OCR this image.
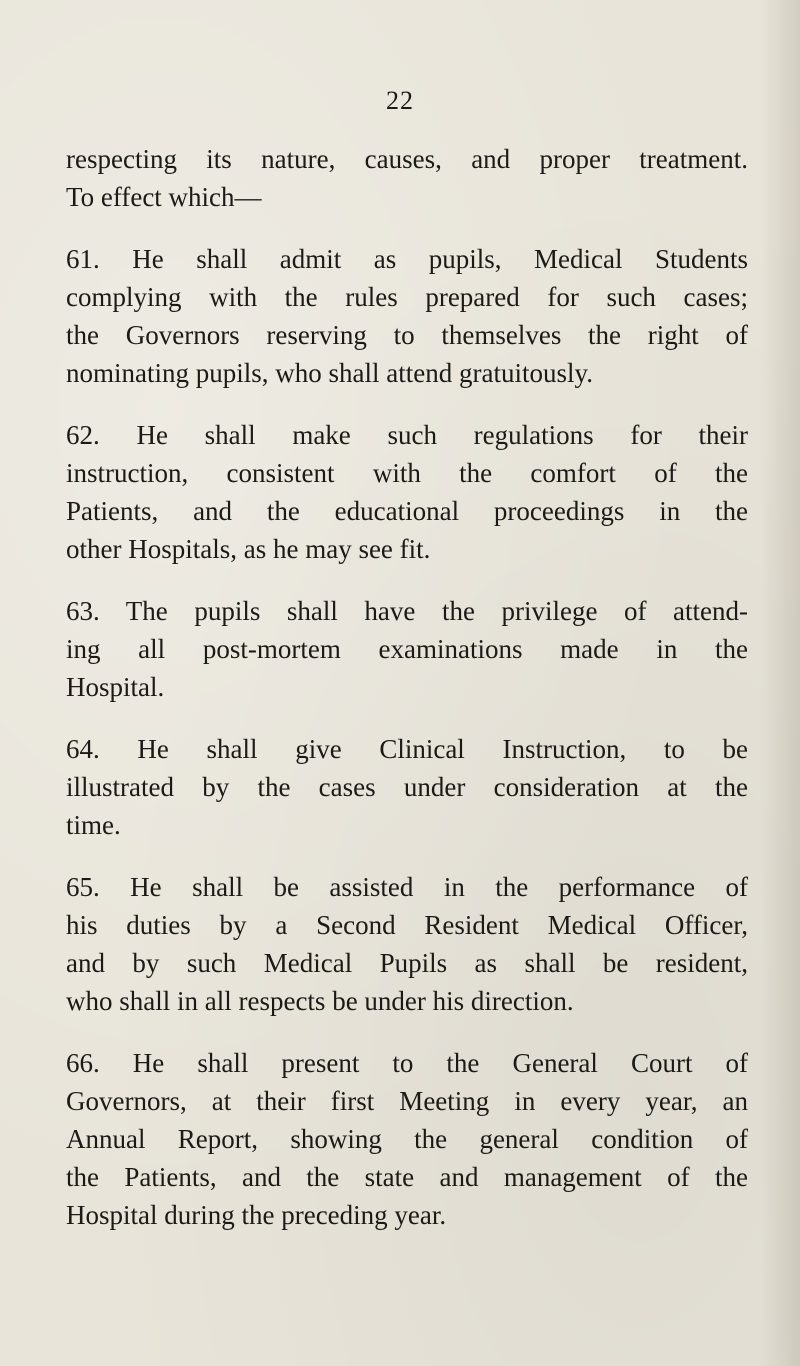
22
respecting its nature, causes, and proper treatment.
To effect which—
61. He shall admit as pupils, Medical Students
complying with the rules prepared for such cases;
the Governors reserving to themselves the right of
nominating pupils, who shall attend gratuitously.
62. He shall make such regulations for their
instruction, consistent with the comfort of the
Patients, and the educational proceedings in the
other Hospitals, as he may see fit.
63. The pupils shall have the privilege of attend-
ing all post-mortem examinations made in the
Hospital.
64. He shall give Clinical Instruction, to be
illustrated by the cases under consideration at the
time.
65. He shall be assisted in the performance of
his duties by a Second Resident Medical Officer,
and by such Medical Pupils as shall be resident,
who shall in all respects be under his direction.
66. He shall present to the General Court of
Governors, at their first Meeting in every year, an
Annual Report, showing the general condition of
the Patients, and the state and management of the
Hospital during the preceding year.
